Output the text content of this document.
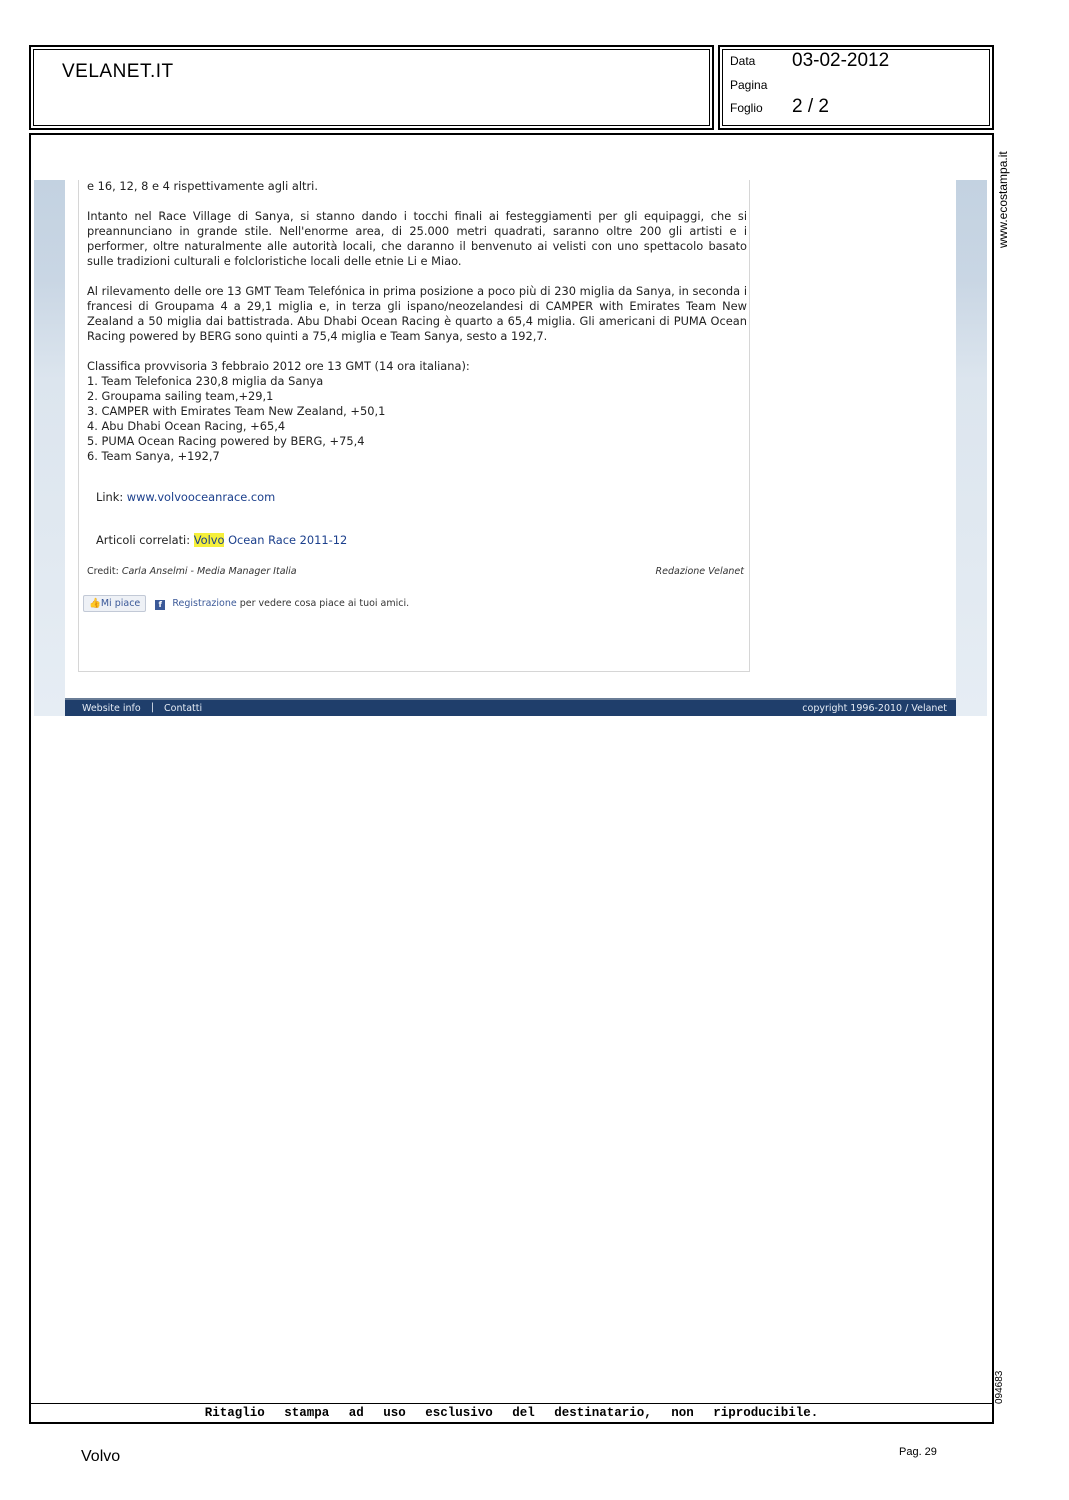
VELANET.IT	Data 03-02-2012
Pagina
Foglio 2 / 2
Ritaglio stampa ad uso esclusivo del destinatario, non riproducibile.
www.ecostampa.it
094683

e 16, 12, 8 e 4 rispettivamente agli altri.

Intanto nel Race Village di Sanya, si stanno dando i tocchi finali ai festeggiamenti per gli equipaggi, che si preannunciano in grande stile. Nell'enorme area, di 25.000 metri quadrati, saranno oltre 200 gli artisti e i performer, oltre naturalmente alle autorità locali, che daranno il benvenuto ai velisti con uno spettacolo basato sulle tradizioni culturali e folcloristiche locali delle etnie Li e Miao.

Al rilevamento delle ore 13 GMT Team Telefónica in prima posizione a poco più di 230 miglia da Sanya, in seconda i francesi di Groupama 4 a 29,1 miglia e, in terza gli ispano/neozelandesi di CAMPER with Emirates Team New Zealand a 50 miglia dai battistrada. Abu Dhabi Ocean Racing è quarto a 65,4 miglia. Gli americani di PUMA Ocean Racing powered by BERG sono quinti a 75,4 miglia e Team Sanya, sesto a 192,7.

Classifica provvisoria 3 febbraio 2012 ore 13 GMT (14 ora italiana):
1. Team Telefonica 230,8 miglia da Sanya
2. Groupama sailing team,+29,1
3. CAMPER with Emirates Team New Zealand, +50,1
4. Abu Dhabi Ocean Racing, +65,4
5. PUMA Ocean Racing powered by BERG, +75,4
6. Team Sanya, +192,7
Link: www.volvooceanrace.com
Articoli correlati: Volvo Ocean Race 2011-12
Credit: Carla Anselmi - Media Manager Italia	Redazione Velanet
👍Mi piace f Registrazione per vedere cosa piace ai tuoi amici.
Website info | Contatti	copyright 1996-2010 / Velanet
Volvo	Pag. 29
